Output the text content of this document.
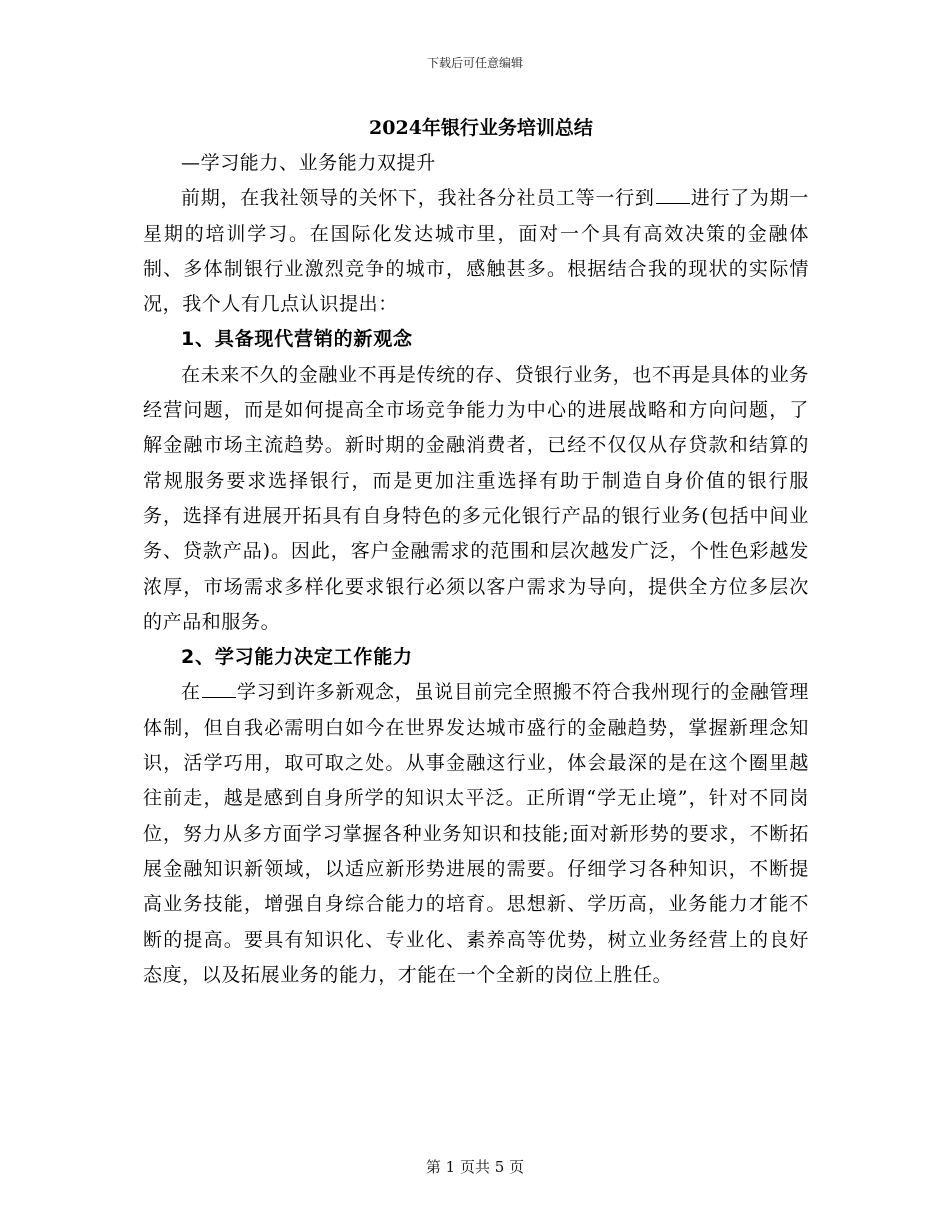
下载后可任意编辑
2024年银行业务培训总结

—学习能力、业务能力双提升

前期，在我社领导的关怀下，我社各分社员工等一行到 进行了为期一星期的培训学习。在国际化发达城市里，面对一个具有高效决策的金融体制、多体制银行业激烈竞争的城市，感触甚多。根据结合我的现状的实际情况，我个人有几点认识提出：

1、具备现代营销的新观念

在未来不久的金融业不再是传统的存、贷银行业务，也不再是具体的业务经营问题，而是如何提高全市场竞争能力为中心的进展战略和方向问题，了解金融市场主流趋势。新时期的金融消费者，已经不仅仅从存贷款和结算的常规服务要求选择银行，而是更加注重选择有助于制造自身价值的银行服务，选择有进展开拓具有自身特色的多元化银行产品的银行业务(包括中间业务、贷款产品)。因此，客户金融需求的范围和层次越发广泛，个性色彩越发浓厚，市场需求多样化要求银行必须以客户需求为导向，提供全方位多层次的产品和服务。

2、学习能力决定工作能力

在 学习到许多新观念，虽说目前完全照搬不符合我州现行的金融管理体制，但自我必需明白如今在世界发达城市盛行的金融趋势，掌握新理念知识，活学巧用，取可取之处。从事金融这行业，体会最深的是在这个圈里越往前走，越是感到自身所学的知识太平泛。正所谓“学无止境”，针对不同岗位，努力从多方面学习掌握各种业务知识和技能;面对新形势的要求，不断拓展金融知识新领域，以适应新形势进展的需要。仔细学习各种知识，不断提高业务技能，增强自身综合能力的培育。思想新、学历高，业务能力才能不断的提高。要具有知识化、专业化、素养高等优势，树立业务经营上的良好态度，以及拓展业务的能力，才能在一个全新的岗位上胜任。

第 1 页共 5 页
